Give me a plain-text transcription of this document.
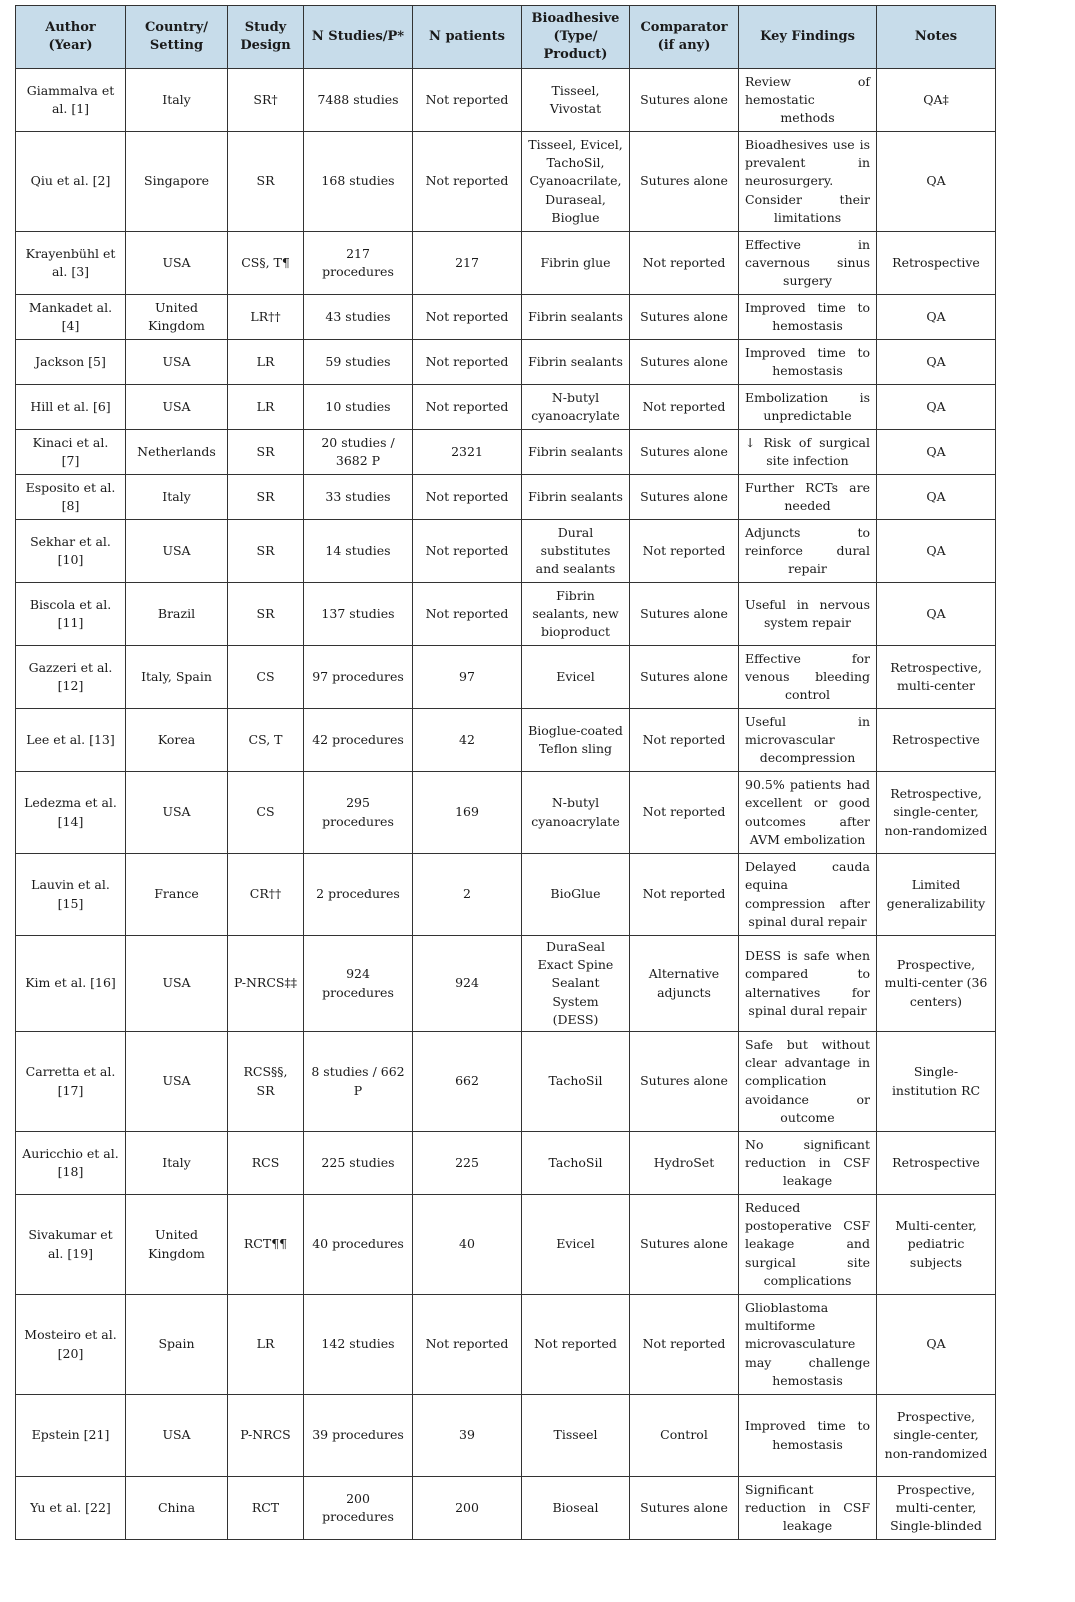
Author (Year)	Country/ Setting	Study Design	N Studies/P*	N patients	Bioadhesive (Type/ Product)	Comparator (if any)	Key Findings	Notes
Giammalva et al. [1]	Italy	SR†	7488 studies	Not reported	Tisseel, Vivostat	Sutures alone	Review of hemostatic methods	QA‡
Qiu et al. [2]	Singapore	SR	168 studies	Not reported	Tisseel, Evicel, TachoSil, Cyanoacrilate, Duraseal, Bioglue	Sutures alone	Bioadhesives use is prevalent in neurosurgery. Consider their limitations	QA
Krayenbühl et al. [3]	USA	CS§, T¶	217 procedures	217	Fibrin glue	Not reported	Effective in cavernous sinus surgery	Retrospective
Mankadet al. [4]	United Kingdom	LR††	43 studies	Not reported	Fibrin sealants	Sutures alone	Improved time to hemostasis	QA
Jackson [5]	USA	LR	59 studies	Not reported	Fibrin sealants	Sutures alone	Improved time to hemostasis	QA
Hill et al. [6]	USA	LR	10 studies	Not reported	N-butyl cyanoacrylate	Not reported	Embolization is unpredictable	QA
Kinaci et al. [7]	Netherlands	SR	20 studies / 3682 P	2321	Fibrin sealants	Sutures alone	↓ Risk of surgical site infection	QA
Esposito et al. [8]	Italy	SR	33 studies	Not reported	Fibrin sealants	Sutures alone	Further RCTs are needed	QA
Sekhar et al. [10]	USA	SR	14 studies	Not reported	Dural substitutes and sealants	Not reported	Adjuncts to reinforce dural repair	QA
Biscola et al. [11]	Brazil	SR	137 studies	Not reported	Fibrin sealants, new bioproduct	Sutures alone	Useful in nervous system repair	QA
Gazzeri et al. [12]	Italy, Spain	CS	97 procedures	97	Evicel	Sutures alone	Effective for venous bleeding control	Retrospective, multi-center
Lee et al. [13]	Korea	CS, T	42 procedures	42	Bioglue-coated Teflon sling	Not reported	Useful in microvascular decompression	Retrospective
Ledezma et al. [14]	USA	CS	295 procedures	169	N-butyl cyanoacrylate	Not reported	90.5% patients had excellent or good outcomes after AVM embolization	Retrospective, single-center, non-randomized
Lauvin et al. [15]	France	CR††	2 procedures	2	BioGlue	Not reported	Delayed cauda equina compression after spinal dural repair	Limited generalizability
Kim et al. [16]	USA	P-NRCS‡‡	924 procedures	924	DuraSeal Exact Spine Sealant System (DESS)	Alternative adjuncts	DESS is safe when compared to alternatives for spinal dural repair	Prospective, multi-center (36 centers)
Carretta et al. [17]	USA	RCS§§, SR	8 studies / 662 P	662	TachoSil	Sutures alone	Safe but without clear advantage in complication avoidance or outcome	Single-institution RC
Auricchio et al. [18]	Italy	RCS	225 studies	225	TachoSil	HydroSet	No significant reduction in CSF leakage	Retrospective
Sivakumar et al. [19]	United Kingdom	RCT¶¶	40 procedures	40	Evicel	Sutures alone	Reduced postoperative CSF leakage and surgical site complications	Multi-center, pediatric subjects
Mosteiro et al. [20]	Spain	LR	142 studies	Not reported	Not reported	Not reported	Glioblastoma multiforme microvasculature may challenge hemostasis	QA
Epstein [21]	USA	P-NRCS	39 procedures	39	Tisseel	Control	Improved time to hemostasis	Prospective, single-center, non-randomized
Yu et al. [22]	China	RCT	200 procedures	200	Bioseal	Sutures alone	Significant reduction in CSF leakage	Prospective, multi-center, Single-blinded
